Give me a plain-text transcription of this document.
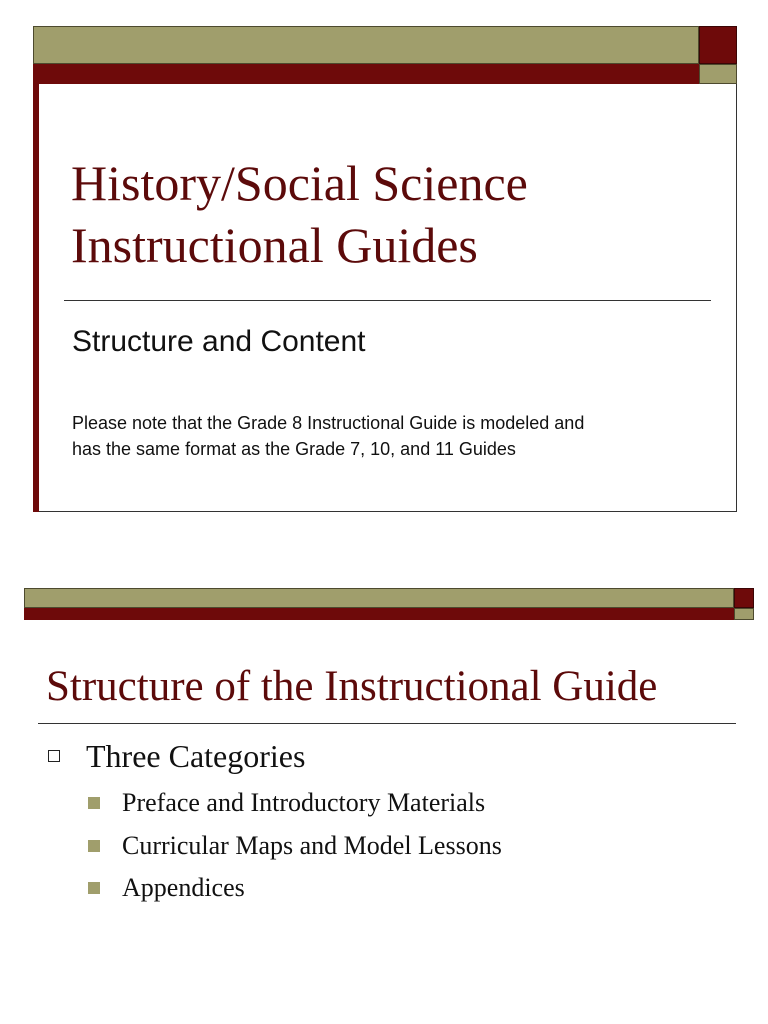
History/Social Science
Instructional Guides
Structure and Content
Please note that the Grade 8 Instructional Guide is modeled and
has the same format as the Grade 7, 10, and 11 Guides
Structure of the Instructional Guide
Three Categories
Preface and Introductory Materials
Curricular Maps and Model Lessons
Appendices
